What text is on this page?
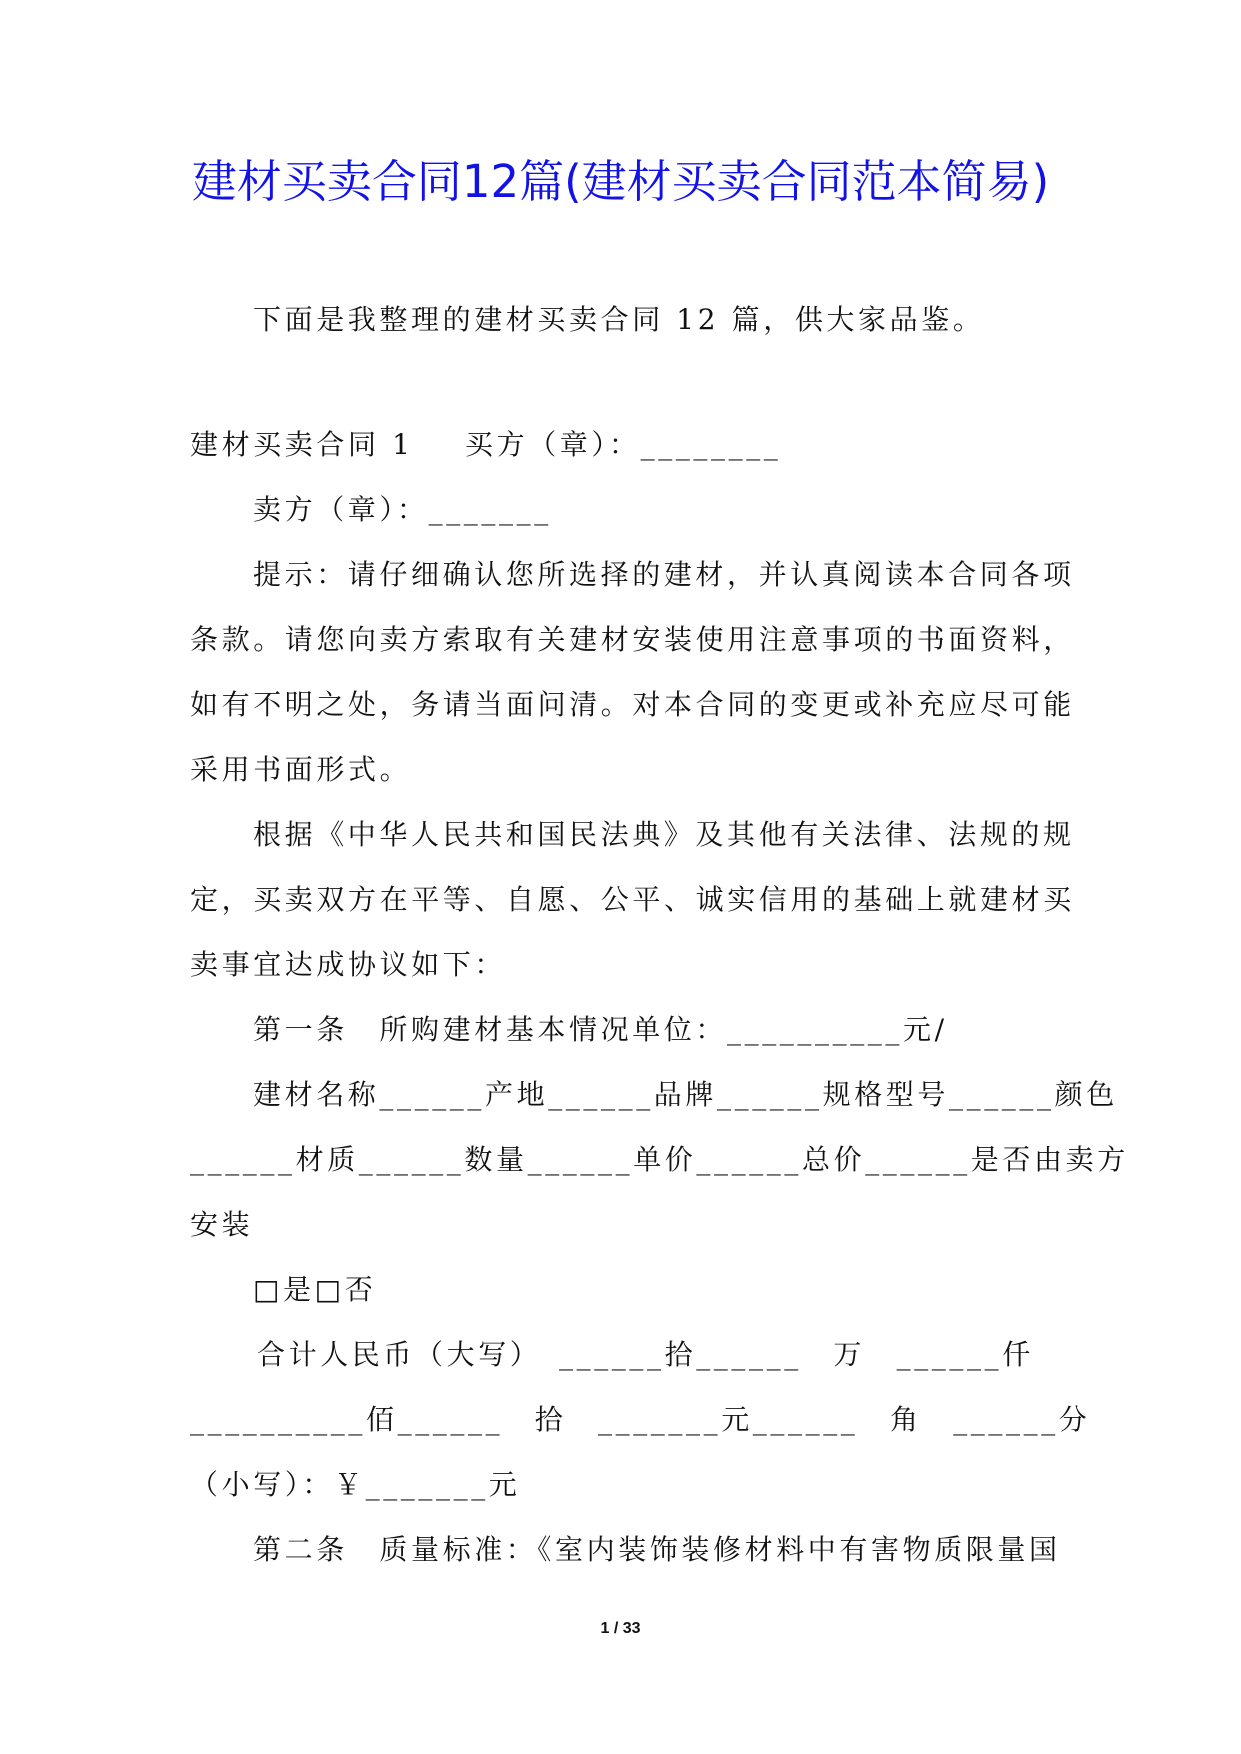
建材买卖合同12篇(建材买卖合同范本简易)
下面是我整理的建材买卖合同 12 篇，供大家品鉴。
建材买卖合同 1 买方（章）：________
卖方（章）：_______
提示：请仔细确认您所选择的建材，并认真阅读本合同各项
条款。请您向卖方索取有关建材安装使用注意事项的书面资料，
如有不明之处，务请当面问清。对本合同的变更或补充应尽可能
采用书面形式。
根据《中华人民共和国民法典》及其他有关法律、法规的规
定，买卖双方在平等、自愿、公平、诚实信用的基础上就建材买
卖事宜达成协议如下：
第一条　所购建材基本情况单位：__________元/
建材名称______产地______品牌______规格型号______颜色
______材质______数量______单价______总价______是否由卖方
安装
□是□否
合计人民币（大写）　______拾______　万　______仟
__________佰______　拾　_______元______　角　______分
（小写）：￥_______元
第二条　质量标准：《室内装饰装修材料中有害物质限量国
1 / 33
